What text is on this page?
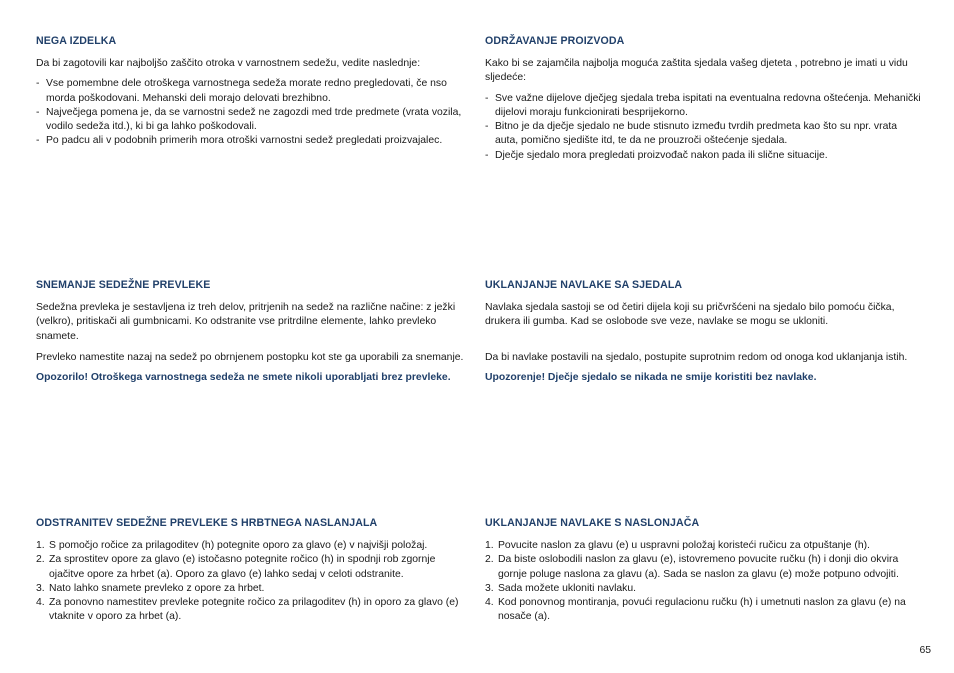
NEGA IZDELKA

Da bi zagotovili kar najboljšo zaščito otroka v varnostnem sedežu, vedite naslednje:

- Vse pomembne dele otroškega varnostnega sedeža morate redno pregledovati, če nso morda poškodovani. Mehanski deli morajo delovati brezhibno.
- Največjega pomena je, da se varnostni sedež ne zagozdi med trde predmete (vrata vozila, vodilo sedeža itd.), ki bi ga lahko poškodovali.
- Po padcu ali v podobnih primerih mora otroški varnostni sedež pregledati proizvajalec.
SNEMANJE SEDEŽNE PREVLEKE

Sedežna prevleka je sestavljena iz treh delov, pritrjenih na sedež na različne načine: z ježki (velkro), pritiskači ali gumbnicami. Ko odstranite vse pritrdilne elemente, lahko prevleko snamete.

Prevleko namestite nazaj na sedež po obrnjenem postopku kot ste ga uporabili za snemanje.

Opozorilo! Otroškega varnostnega sedeža ne smete nikoli uporabljati brez prevleke.

ODSTRANITEV SEDEŽNE PREVLEKE S HRBTNEGA NASLANJALA
1. S pomočjo ročice za prilagoditev (h) potegnite oporo za glavo (e) v najvišji položaj.
2. Za sprostitev opore za glavo (e) istočasno potegnite ročico (h) in spodnji rob zgornje ojačitve opore za hrbet (a). Oporo za glavo (e) lahko sedaj v celoti odstranite.
3. Nato lahko snamete prevleko z opore za hrbet.
4. Za ponovno namestitev prevleke potegnite ročico za prilagoditev (h) in oporo za glavo (e) vtaknite v oporo za hrbet (a).
ODRŽAVANJE PROIZVODA

Kako bi se zajamčila najbolja moguća zaštita sjedala vašeg djeteta , potrebno je imati u vidu sljedeće:

- Sve važne dijelove dječjeg sjedala treba ispitati na eventualna redovna oštećenja. Mehanički dijelovi moraju funkcionirati besprijekorno.
- Bitno je da dječje sjedalo ne bude stisnuto između tvrdih predmeta kao što su npr. vrata auta, pomično sjedište itd, te da ne prouzroči oštećenje sjedala.
- Dječje sjedalo mora pregledati proizvođač nakon pada ili slične situacije.
UKLANJANJE NAVLAKE SA SJEDALA

Navlaka sjedala sastoji se od četiri dijela koji su pričvršćeni na sjedalo bilo pomoću čička, drukera ili gumba. Kad se oslobode sve veze, navlake se mogu se ukloniti.

Da bi navlake postavili na sjedalo, postupite suprotnim redom od onoga kod uklanjanja istih.

Upozorenje! Dječje sjedalo se nikada ne smije koristiti bez navlake.

UKLANJANJE NAVLAKE S NASLONJAČA
1. Povucite naslon za glavu (e) u uspravni položaj koristeći ručicu za otpuštanje (h).
2. Da biste oslobodili naslon za glavu (e), istovremeno povucite ručku (h) i donji dio okvira gornje poluge naslona za glavu (a). Sada se naslon za glavu (e) može potpuno odvojiti.
3. Sada možete ukloniti navlaku.
4. Kod ponovnog montiranja, povući regulacionu ručku (h) i umetnuti naslon za glavu (e) na nosače (a).
65
